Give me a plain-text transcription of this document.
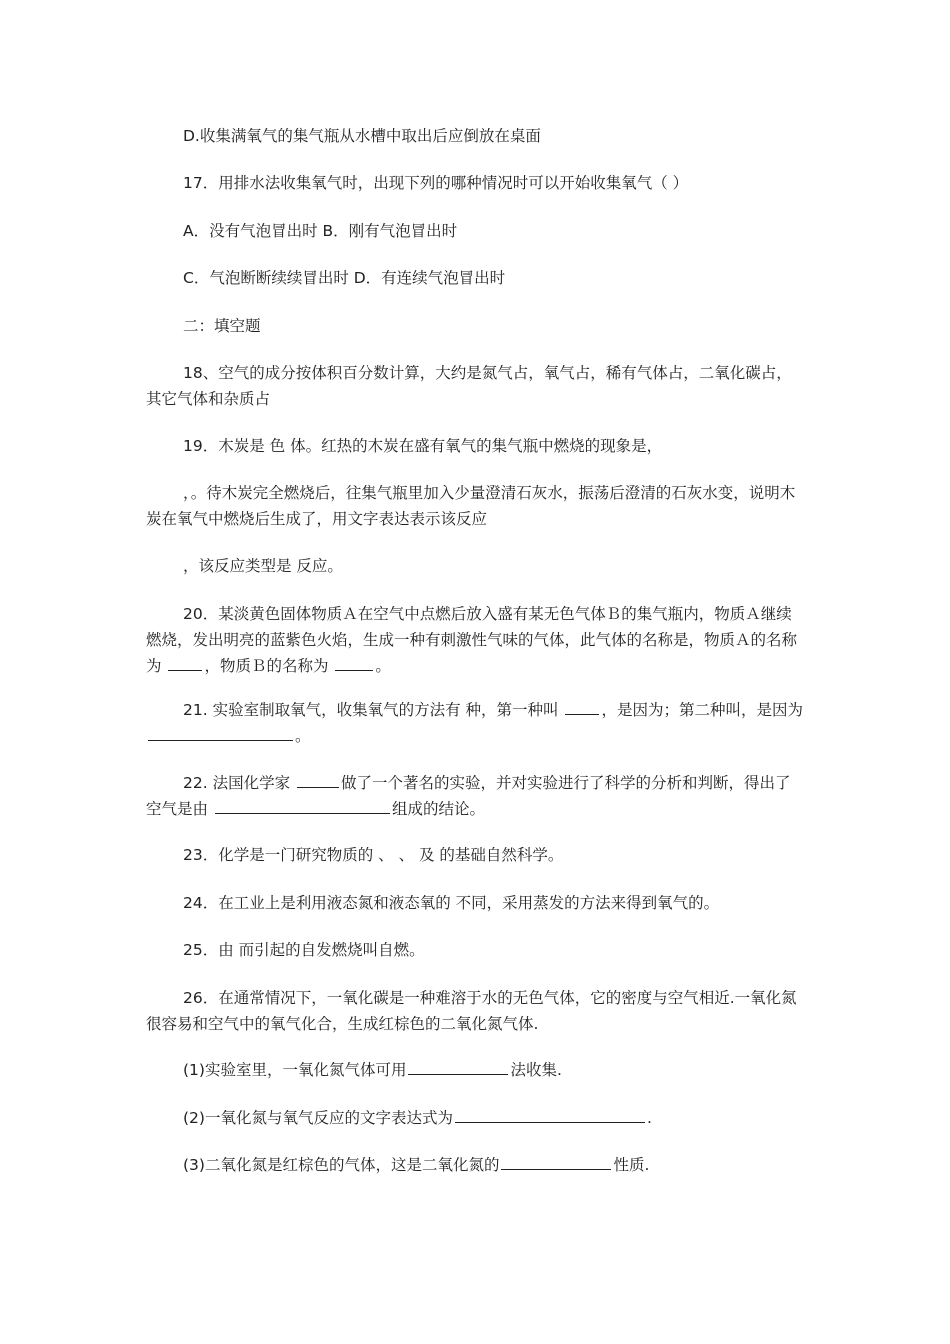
D.收集满氧气的集气瓶从水槽中取出后应倒放在桌面

17．用排水法收集氧气时，出现下列的哪种情况时可以开始收集氧气（ ）

A．没有气泡冒出时 B．刚有气泡冒出时

C．气泡断断续续冒出时 D．有连续气泡冒出时

二：填空题

18、空气的成分按体积百分数计算，大约是氮气占，氧气占，稀有气体占，二氧化碳占，其它气体和杂质占

19．木炭是 色 体。红热的木炭在盛有氧气的集气瓶中燃烧的现象是，

，。待木炭完全燃烧后，往集气瓶里加入少量澄清石灰水，振荡后澄清的石灰水变，说明木炭在氧气中燃烧后生成了，用文字表达表示该反应

，该反应类型是 反应。

20．某淡黄色固体物质Ａ在空气中点燃后放入盛有某无色气体Ｂ的集气瓶内，物质Ａ继续燃烧，发出明亮的蓝紫色火焰，生成一种有刺激性气味的气体，此气体的名称是，物质Ａ的名称为	，物质Ｂ的名称为	。

21. 实验室制取氧气，收集氧气的方法有 种，第一种叫	，是因为；第二种叫，是因为 。

22. 法国化学家	做了一个著名的实验，并对实验进行了科学的分析和判断，得出了空气是由	组成的结论。

23．化学是一门研究物质的 、 、 及 的基础自然科学。

24．在工业上是利用液态氮和液态氧的 不同，采用蒸发的方法来得到氧气的。

25．由 而引起的自发燃烧叫自燃。

26．在通常情况下，一氧化碳是一种难溶于水的无色气体，它的密度与空气相近.一氧化氮很容易和空气中的氧气化合，生成红棕色的二氧化氮气体.

(1)实验室里，一氧化氮气体可用	法收集.

(2)一氧化氮与氧气反应的文字表达式为	.

(3)二氧化氮是红棕色的气体，这是二氧化氮的	性质.
